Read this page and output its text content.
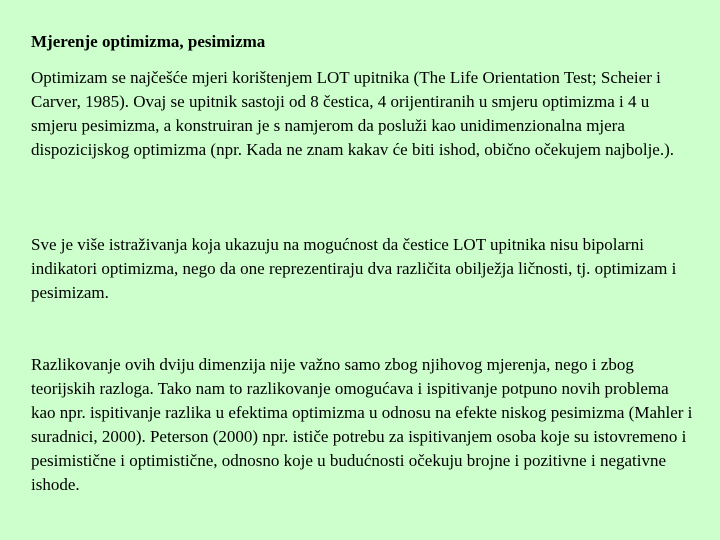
Mjerenje optimizma, pesimizma
Optimizam se najčešće mjeri korištenjem LOT upitnika (The Life Orientation Test; Scheier i Carver, 1985). Ovaj se upitnik sastoji od 8 čestica, 4 orijentiranih u smjeru optimizma i 4 u smjeru pesimizma, a konstruiran je s namjerom da posluži kao unidimenzionalna mjera dispozicijskog optimizma (npr. Kada ne znam kakav će biti ishod, obično očekujem najbolje.).
Sve je više istraživanja koja ukazuju na mogućnost da čestice LOT upitnika nisu bipolarni indikatori optimizma, nego da one reprezentiraju dva različita obilježja ličnosti, tj. optimizam i pesimizam.
Razlikovanje ovih dviju dimenzija nije važno samo zbog njihovog mjerenja, nego i zbog teorijskih razloga. Tako nam to razlikovanje omogućava i ispitivanje potpuno novih problema kao npr. ispitivanje razlika u efektima optimizma u odnosu na efekte niskog pesimizma (Mahler i suradnici, 2000). Peterson (2000) npr. ističe potrebu za ispitivanjem osoba koje su istovremeno i pesimistične i optimistične, odnosno koje u budućnosti očekuju brojne i pozitivne i negativne ishode.
